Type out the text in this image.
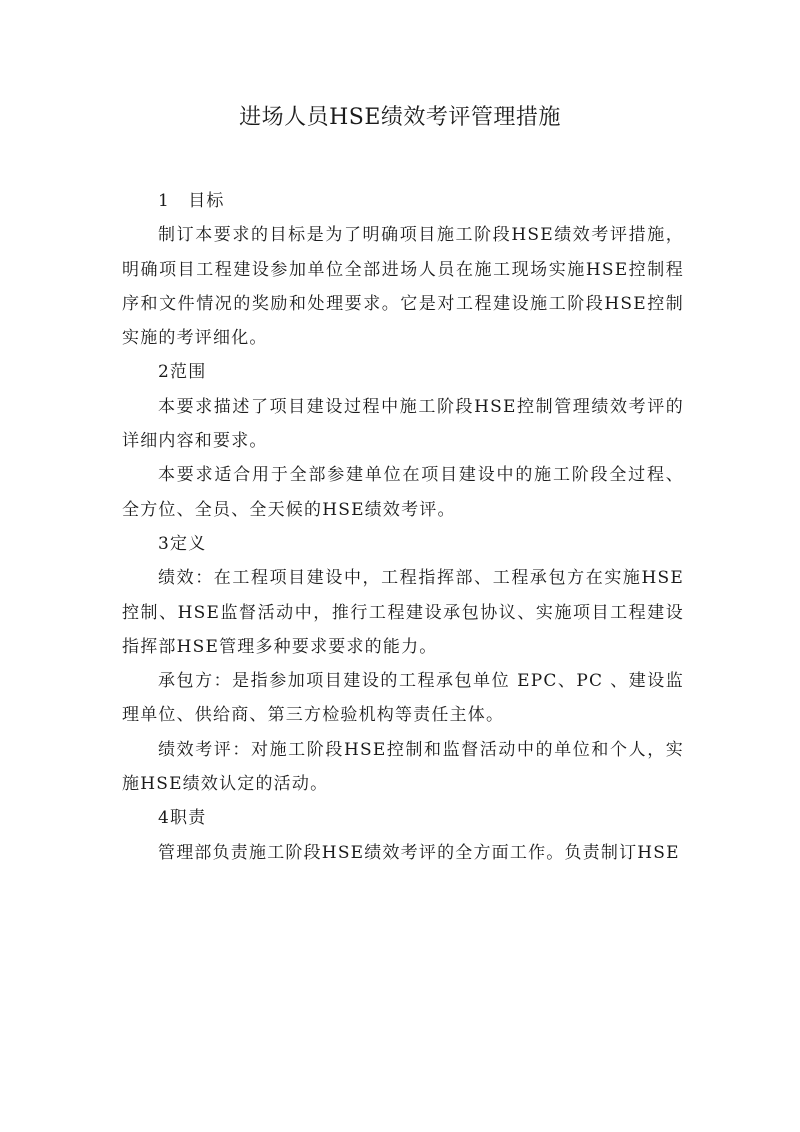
进场人员HSE绩效考评管理措施
1　目标

制订本要求的目标是为了明确项目施工阶段HSE绩效考评措施，明确项目工程建设参加单位全部进场人员在施工现场实施HSE控制程序和文件情况的奖励和处理要求。它是对工程建设施工阶段HSE控制实施的考评细化。

2范围

本要求描述了项目建设过程中施工阶段HSE控制管理绩效考评的详细内容和要求。

本要求适合用于全部参建单位在项目建设中的施工阶段全过程、全方位、全员、全天候的HSE绩效考评。

3定义

绩效：在工程项目建设中，工程指挥部、工程承包方在实施HSE控制、HSE监督活动中，推行工程建设承包协议、实施项目工程建设指挥部HSE管理多种要求要求的能力。

承包方：是指参加项目建设的工程承包单位 EPC、PC 、建设监理单位、供给商、第三方检验机构等责任主体。

绩效考评：对施工阶段HSE控制和监督活动中的单位和个人，实施HSE绩效认定的活动。

4职责

管理部负责施工阶段HSE绩效考评的全方面工作。负责制订HSE
